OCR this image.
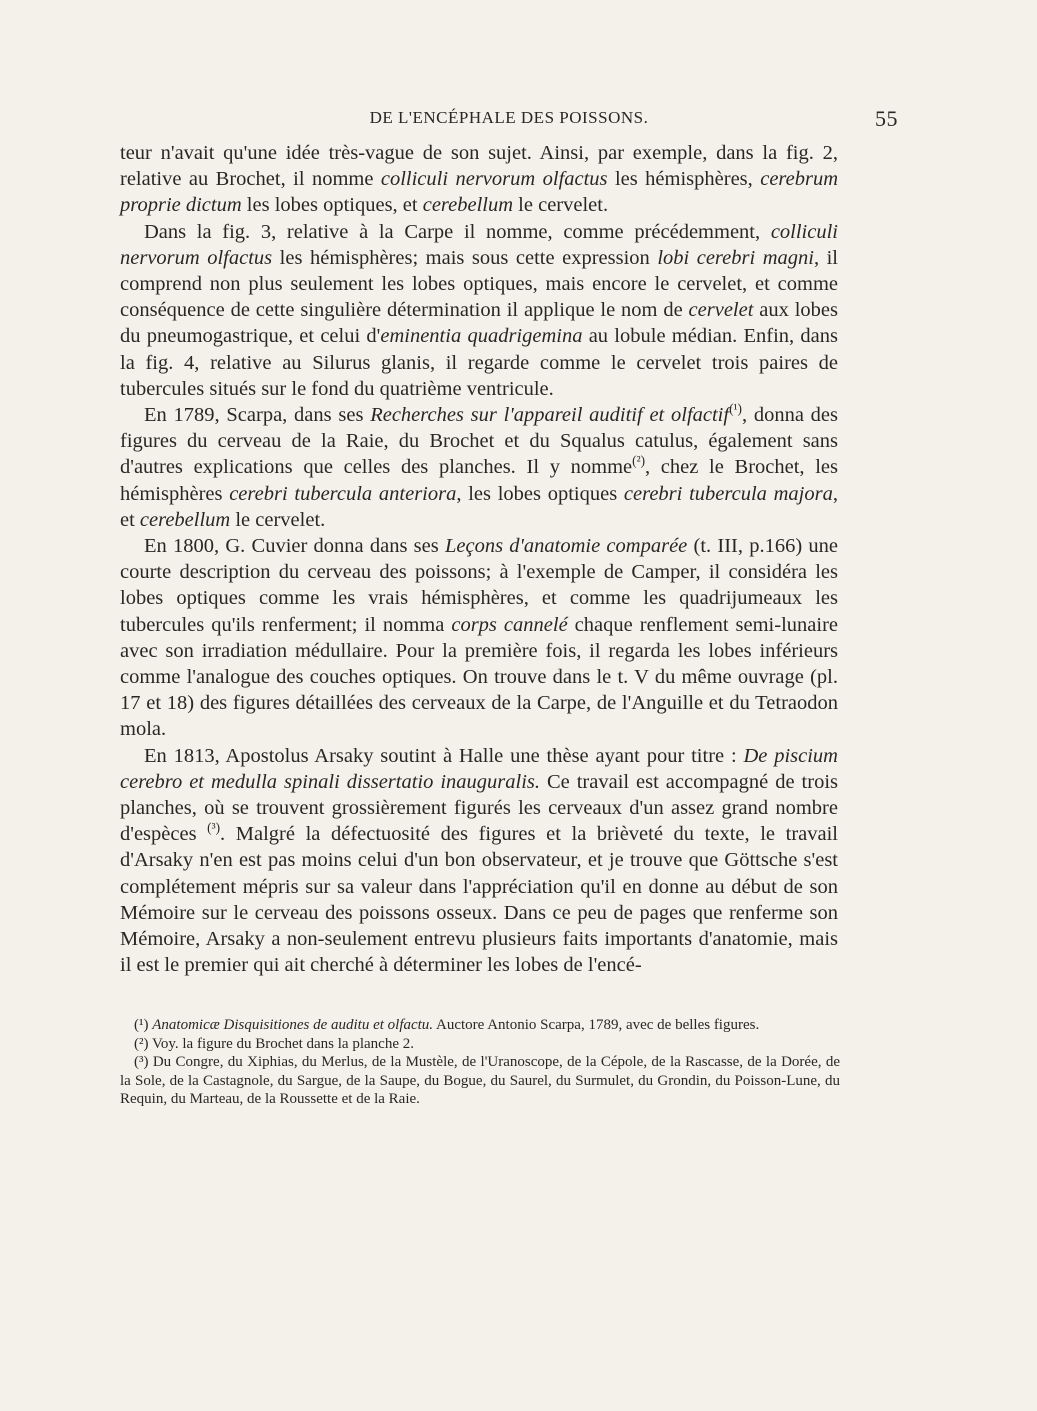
DE L'ENCÉPHALE DES POISSONS.	55

teur n'avait qu'une idée très-vague de son sujet. Ainsi, par exemple, dans la fig. 2, relative au Brochet, il nomme colliculi nervorum olfactus les hémisphères, cerebrum proprie dictum les lobes optiques, et cerebellum le cervelet.

Dans la fig. 3, relative à la Carpe il nomme, comme précédemment, colliculi nervorum olfactus les hémisphères; mais sous cette expression lobi cerebri magni, il comprend non plus seulement les lobes optiques, mais encore le cervelet, et comme conséquence de cette singulière détermination il applique le nom de cervelet aux lobes du pneumogastrique, et celui d'eminentia quadrigemina au lobule médian. Enfin, dans la fig. 4, relative au Silurus glanis, il regarde comme le cervelet trois paires de tubercules situés sur le fond du quatrième ventricule.

En 1789, Scarpa, dans ses Recherches sur l'appareil auditif et olfactif$^{(^1)}$, donna des figures du cerveau de la Raie, du Brochet et du Squalus catulus, également sans d'autres explications que celles des planches. Il y nomme$^{(^2)}$, chez le Brochet, les hémisphères cerebri tubercula anteriora, les lobes optiques cerebri tubercula majora, et cerebellum le cervelet.

En 1800, G. Cuvier donna dans ses Leçons d'anatomie comparée (t. III, p.166) une courte description du cerveau des poissons; à l'exemple de Camper, il considéra les lobes optiques comme les vrais hémisphères, et comme les quadrijumeaux les tubercules qu'ils renferment; il nomma corps cannelé chaque renflement semi-lunaire avec son irradiation médullaire. Pour la première fois, il regarda les lobes inférieurs comme l'analogue des couches optiques. On trouve dans le t. V du même ouvrage (pl. 17 et 18) des figures détaillées des cerveaux de la Carpe, de l'Anguille et du Tetraodon mola.

En 1813, Apostolus Arsaky soutint à Halle une thèse ayant pour titre : De piscium cerebro et medulla spinali dissertatio inauguralis. Ce travail est accompagné de trois planches, où se trouvent grossièrement figurés les cerveaux d'un assez grand nombre d'espèces $^{(^3)}$. Malgré la défectuosité des figures et la brièveté du texte, le travail d'Arsaky n'en est pas moins celui d'un bon observateur, et je trouve que Göttsche s'est complétement mépris sur sa valeur dans l'appréciation qu'il en donne au début de son Mémoire sur le cerveau des poissons osseux. Dans ce peu de pages que renferme son Mémoire, Arsaky a non-seulement entrevu plusieurs faits importants d'anatomie, mais il est le premier qui ait cherché à déterminer les lobes de l'encé-

(¹) Anatomicæ Disquisitiones de auditu et olfactu. Auctore Antonio Scarpa, 1789, avec de belles figures.

(²) Voy. la figure du Brochet dans la planche 2.

(³) Du Congre, du Xiphias, du Merlus, de la Mustèle, de l'Uranoscope, de la Cépole, de la Rascasse, de la Dorée, de la Sole, de la Castagnole, du Sargue, de la Saupe, du Bogue, du Saurel, du Surmulet, du Grondin, du Poisson-Lune, du Requin, du Marteau, de la Roussette et de la Raie.
